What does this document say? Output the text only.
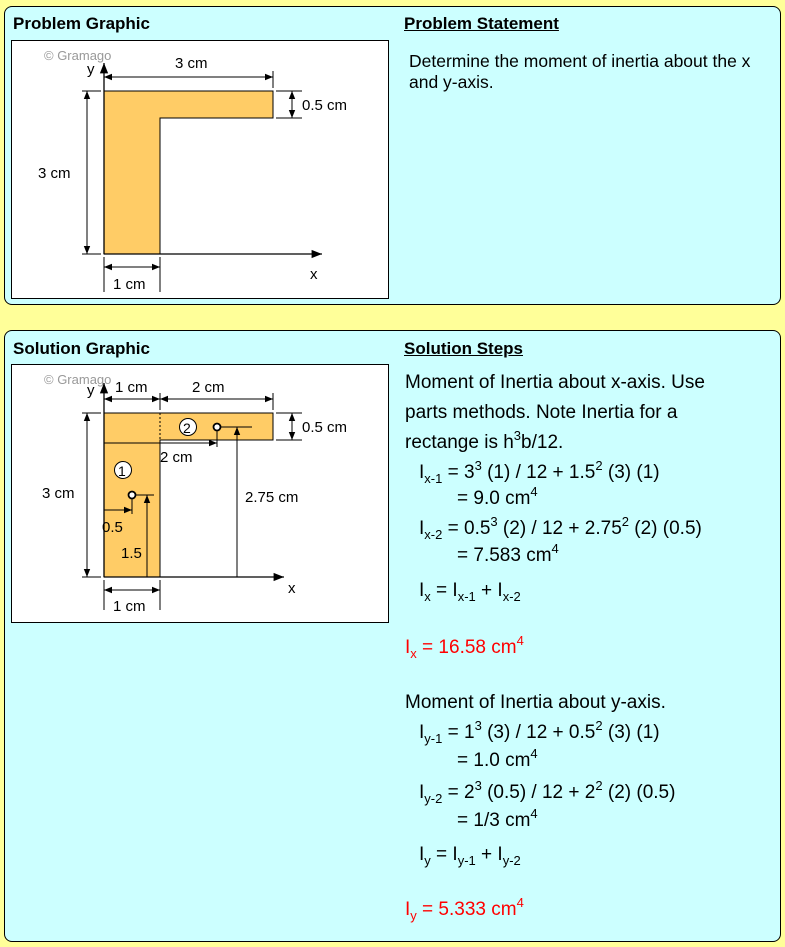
Problem Graphic	Problem Statement
Determine the moment of inertia about the x and y-axis.
© Gramago
y
x
3 cm
0.5 cm
3 cm
1 cm
Solution Graphic	Solution Steps
© Gramago
y
x
1 cm	2 cm
0.5 cm
3 cm
2
2 cm
2.75 cm
1
0.5
1.5
1 cm
Moment of Inertia about x-axis. Use
parts methods. Note Inertia for a
rectange is $h^3b/12$.
$I_{x-1} = 3^3$ $(1) / 12 + 1.5^2$ (3) (1)
= 9.0 $cm^4$
$I_{x-2} = 0.5^3$ $(2) / 12 + 2.75^2$ (2) (0.5)
= 7.583 $cm^4$
$I_x = I_{x-1} + I_{x-2}$
$I_x = 16.58$ $cm^4$
Moment of Inertia about y-axis.
$I_{y-1} = 1^3$ $(3) / 12 + 0.5^2$ (3) (1)
= 1.0 $cm^4$
$I_{y-2} = 2^3$ $(0.5) / 12 + 2^2$ (2) (0.5)
= 1/3 $cm^4$
$I_y = I_{y-1} + I_{y-2}$
$I_y = 5.333$ $cm^4$
